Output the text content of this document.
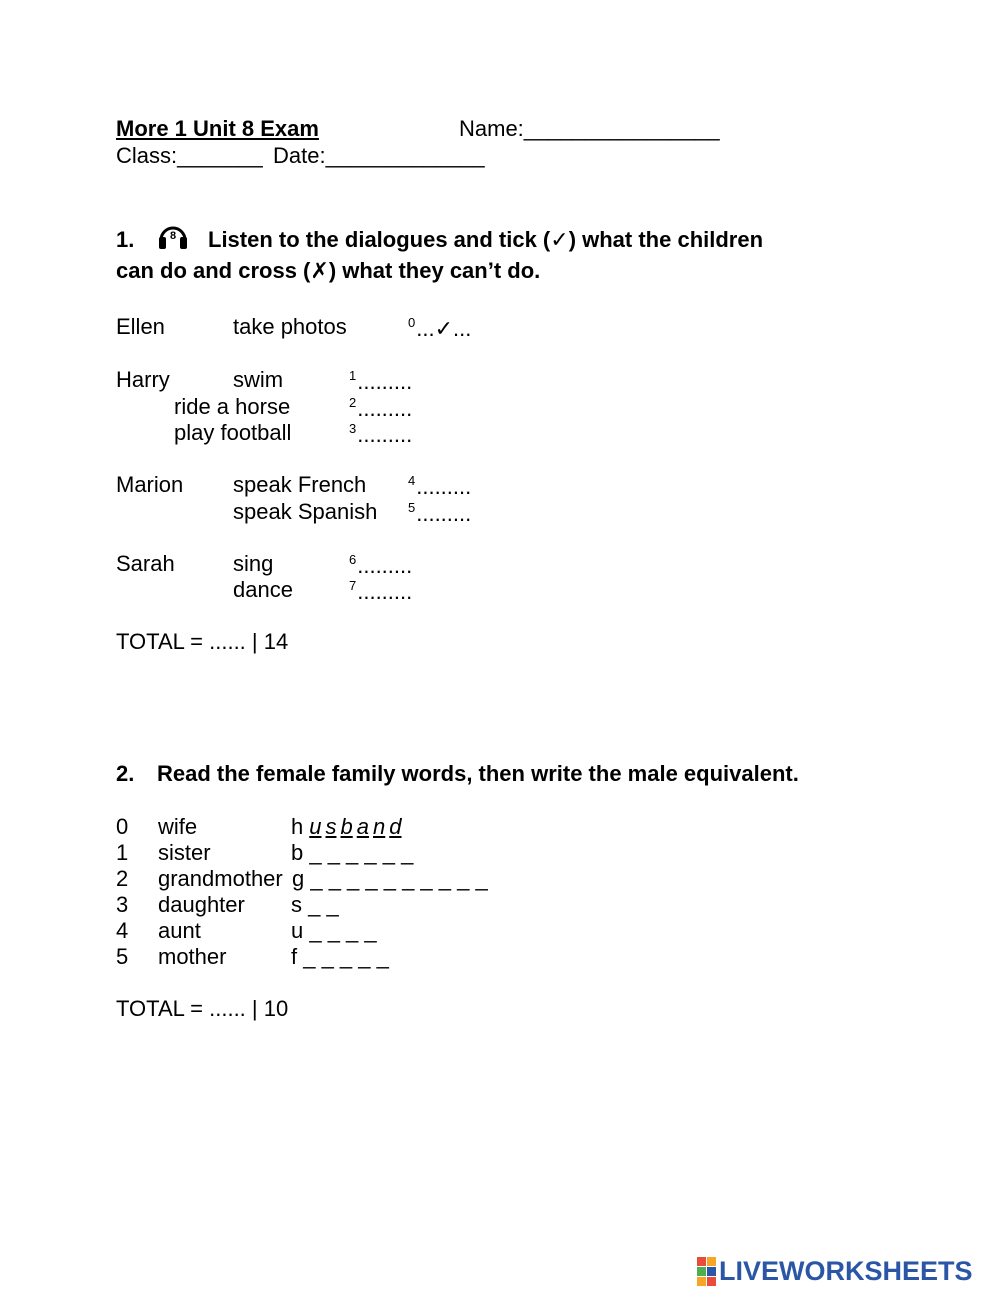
More 1 Unit 8 Exam	Name:________________
Class:_______ Date:_____________
1.	8 Listen to the dialogues and tick (✓) what the children
can do and cross (✗) what they can’t do.
Ellen	take photos	$^0$...✓...
Harry	swim	$^1$.........
ride a horse	$^2$.........
play football	$^3$.........
Marion speak French	$^4$.........
speak Spanish $^5$.........
Sarah	sing	$^6$.........
dance	$^7$.........
TOTAL = ...... | 14
2. Read the female family words, then write the male equivalent.
0 wife	h u s b a n d
1 sister	b _ _ _ _ _ _
2 grandmother g _ _ _ _ _ _ _ _ _ _
3 daughter s _ _
4 aunt	u _ _ _ _
5 mother	f _ _ _ _ _
TOTAL = ...... | 10
LIVEWORKSHEETS
